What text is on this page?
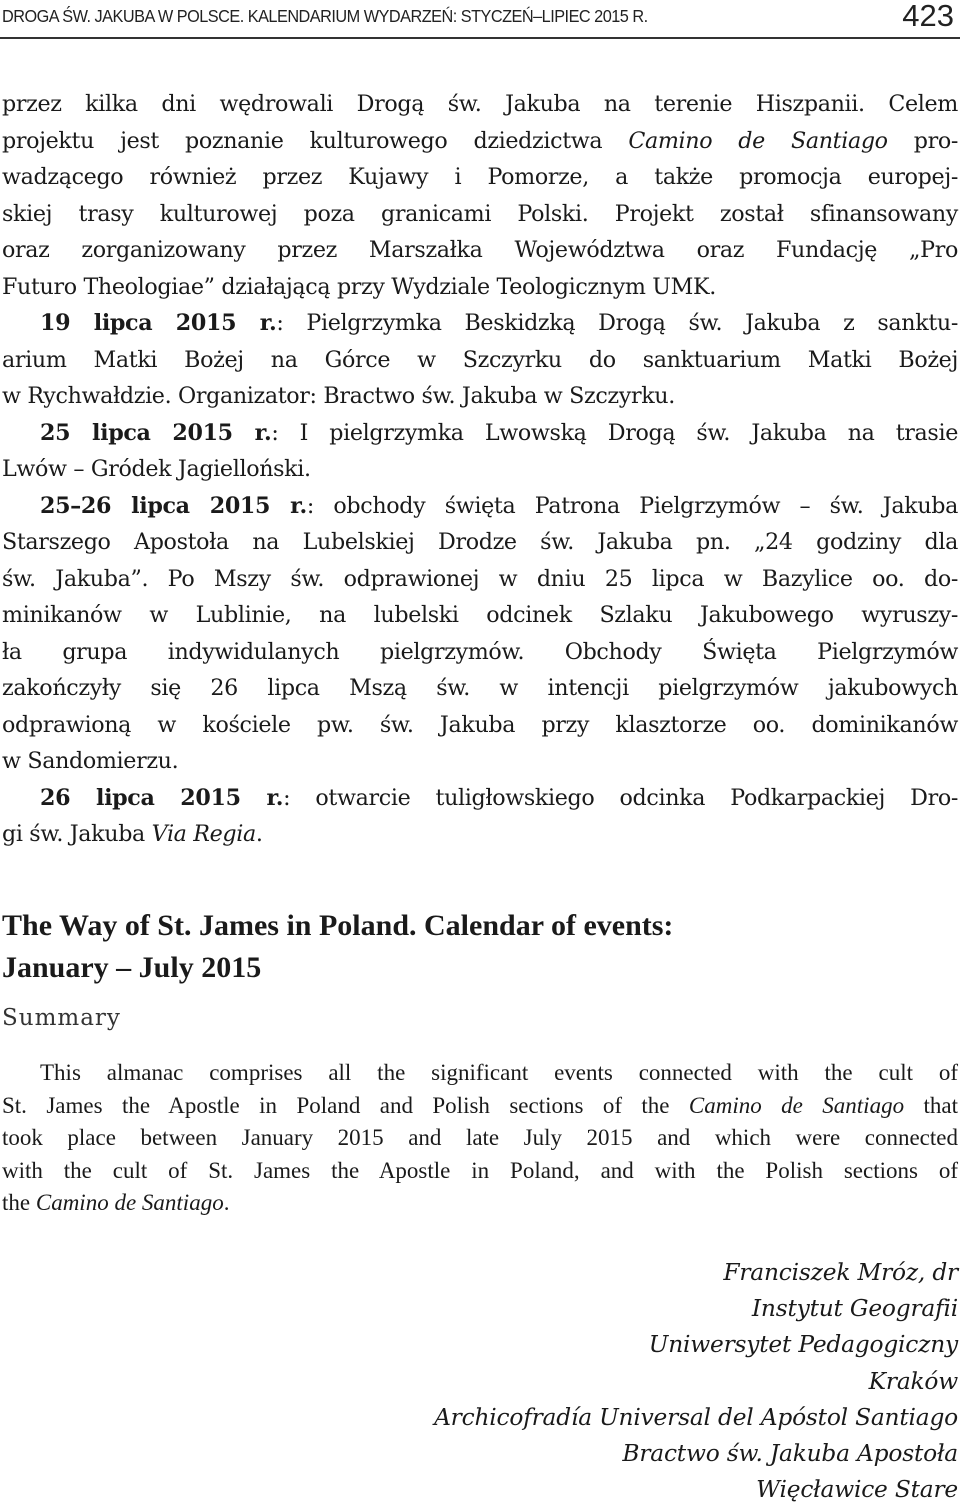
DROGA ŚW. JAKUBA W POLSCE. KALENDARIUM WYDARZEŃ: STYCZEŃ–LIPIEC 2015 R.	423
przez kilka dni wędrowali Drogą św. Jakuba na terenie Hiszpanii. Celem
projektu jest poznanie kulturowego dziedzictwa Camino de Santiago pro-
wadzącego również przez Kujawy i Pomorze, a także promocja europej-
skiej trasy kulturowej poza granicami Polski. Projekt został sfinansowany
oraz zorganizowany przez Marszałka Województwa oraz Fundację „Pro
Futuro Theologiae” działającą przy Wydziale Teologicznym UMK.
19 lipca 2015 r.: Pielgrzymka Beskidzką Drogą św. Jakuba z sanktu-
arium Matki Bożej na Górce w Szczyrku do sanktuarium Matki Bożej
w Rychwałdzie. Organizator: Bractwo św. Jakuba w Szczyrku.
25 lipca 2015 r.: I pielgrzymka Lwowską Drogą św. Jakuba na trasie
Lwów – Gródek Jagielloński.
25–26 lipca 2015 r.: obchody święta Patrona Pielgrzymów – św. Jakuba
Starszego Apostoła na Lubelskiej Drodze św. Jakuba pn. „24 godziny dla
św. Jakuba”. Po Mszy św. odprawionej w dniu 25 lipca w Bazylice oo. do-
minikanów w Lublinie, na lubelski odcinek Szlaku Jakubowego wyruszy-
ła grupa indywidulanych pielgrzymów. Obchody Święta Pielgrzymów
zakończyły się 26 lipca Mszą św. w intencji pielgrzymów jakubowych
odprawioną w kościele pw. św. Jakuba przy klasztorze oo. dominikanów
w Sandomierzu.
26 lipca 2015 r.: otwarcie tuligłowskiego odcinka Podkarpackiej Dro-
gi św. Jakuba Via Regia.
The Way of St. James in Poland. Calendar of events:
January – July 2015
Summary
This almanac comprises all the significant events connected with the cult of
St. James the Apostle in Poland and Polish sections of the Camino de Santiago that
took place between January 2015 and late July 2015 and which were connected
with the cult of St. James the Apostle in Poland, and with the Polish sections of
the Camino de Santiago.
Franciszek Mróz, dr
Instytut Geografii
Uniwersytet Pedagogiczny
Kraków
Archicofradía Universal del Apóstol Santiago
Bractwo św. Jakuba Apostoła
Więcławice Stare
